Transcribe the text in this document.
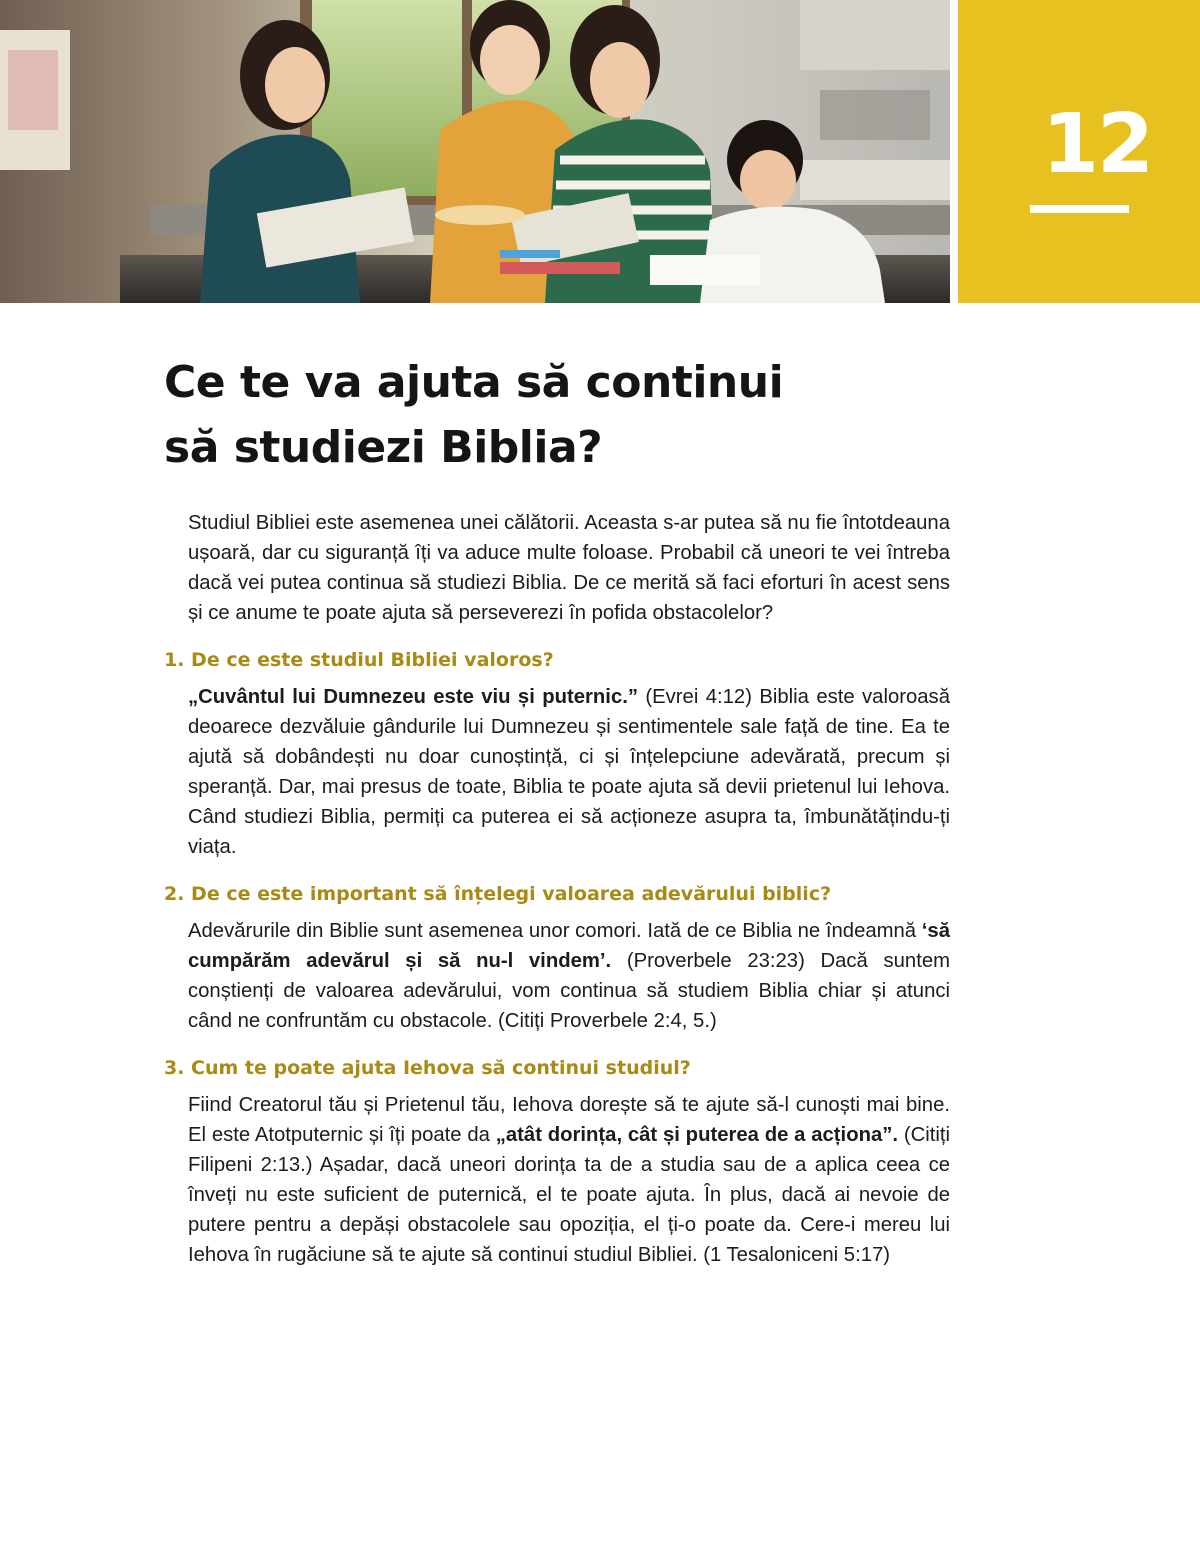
12
Ce te va ajuta să continui
să studiezi Biblia?

Studiul Bibliei este asemenea unei călătorii. Aceasta s-ar putea să nu fie întotdeauna ușoară, dar cu siguranță îți va aduce multe foloase. Probabil că uneori te vei întreba dacă vei putea continua să studiezi Biblia. De ce merită să faci eforturi în acest sens și ce anume te poate ajuta să perseverezi în pofida obstacolelor?

1. De ce este studiul Bibliei valoros?

„Cuvântul lui Dumnezeu este viu și puternic.” (Evrei 4:12) Biblia este valoroasă deoarece dezvăluie gândurile lui Dumnezeu și sentimentele sale față de tine. Ea te ajută să dobândești nu doar cunoștință, ci și înțelepciune adevărată, precum și speranță. Dar, mai presus de toate, Biblia te poate ajuta să devii prietenul lui Iehova. Când studiezi Biblia, permiți ca puterea ei să acționeze asupra ta, îmbunătățindu-ți viața.

2. De ce este important să înțelegi valoarea adevărului biblic?

Adevărurile din Biblie sunt asemenea unor comori. Iată de ce Biblia ne îndeamnă ‘să cumpărăm adevărul și să nu-l vindem’. (Proverbele 23:23) Dacă suntem conștienți de valoarea adevărului, vom continua să studiem Biblia chiar și atunci când ne confruntăm cu obstacole. (Citiți Proverbele 2:4, 5.)

3. Cum te poate ajuta Iehova să continui studiul?

Fiind Creatorul tău și Prietenul tău, Iehova dorește să te ajute să-l cunoști mai bine. El este Atotputernic și îți poate da „atât dorința, cât și puterea de a acționa”. (Citiți Filipeni 2:13.) Așadar, dacă uneori dorința ta de a studia sau de a aplica ceea ce înveți nu este suficient de puternică, el te poate ajuta. În plus, dacă ai nevoie de putere pentru a depăși obstacolele sau opoziția, el ți-o poate da. Cere-i mereu lui Iehova în rugăciune să te ajute să continui studiul Bibliei. (1 Tesaloniceni 5:17)
